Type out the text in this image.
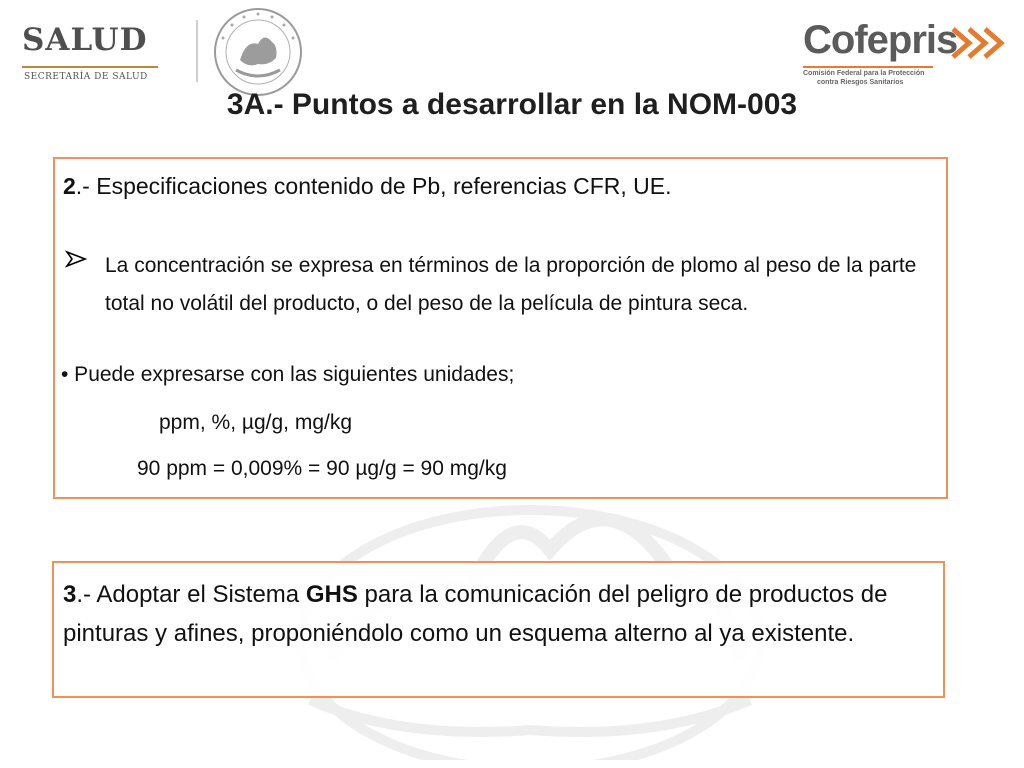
SALUD
SECRETARÍA DE SALUD
Cofepris
Comisión Federal para la Protección
contra Riesgos Sanitarios
3A.- Puntos a desarrollar en la NOM-003
2.- Especificaciones contenido de Pb, referencias CFR, UE.
La concentración se expresa en términos de la proporción de plomo al peso de la parte total no volátil del producto, o del peso de la película de pintura seca.
• Puede expresarse con las siguientes unidades;
ppm, %, µg/g, mg/kg
90 ppm = 0,009% = 90 µg/g = 90 mg/kg
3.- Adoptar el Sistema GHS para la comunicación del peligro de productos de pinturas y afines, proponiéndolo como un esquema alterno al ya existente.
